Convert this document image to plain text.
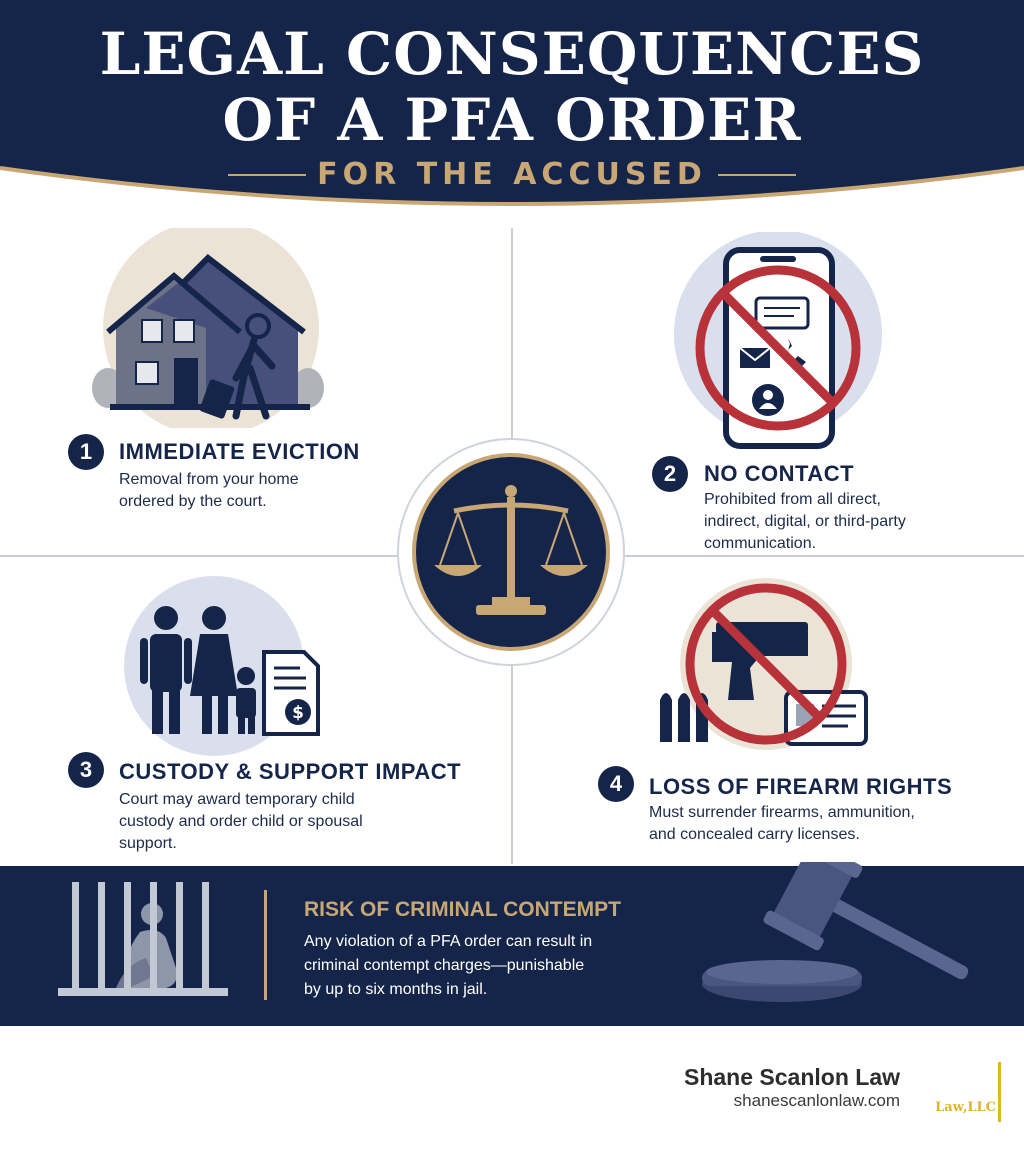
LEGAL CONSEQUENCES
OF A PFA ORDER
FOR THE ACCUSED
1	IMMEDIATE EVICTION
Removal from your home
ordered by the court.
2	NO CONTACT
Prohibited from all direct,
indirect, digital, or third-party
communication.
$
3	CUSTODY & SUPPORT IMPACT
Court may award temporary child
custody and order child or spousal
support.
4	LOSS OF FIREARM RIGHTS
Must surrender firearms, ammunition,
and concealed carry licenses.
RISK OF CRIMINAL CONTEMPT
Any violation of a PFA order can result in
criminal contempt charges—punishable
by up to six months in jail.
Shane Scanlon Law
shanescanlonlaw.com	Law,LLC
